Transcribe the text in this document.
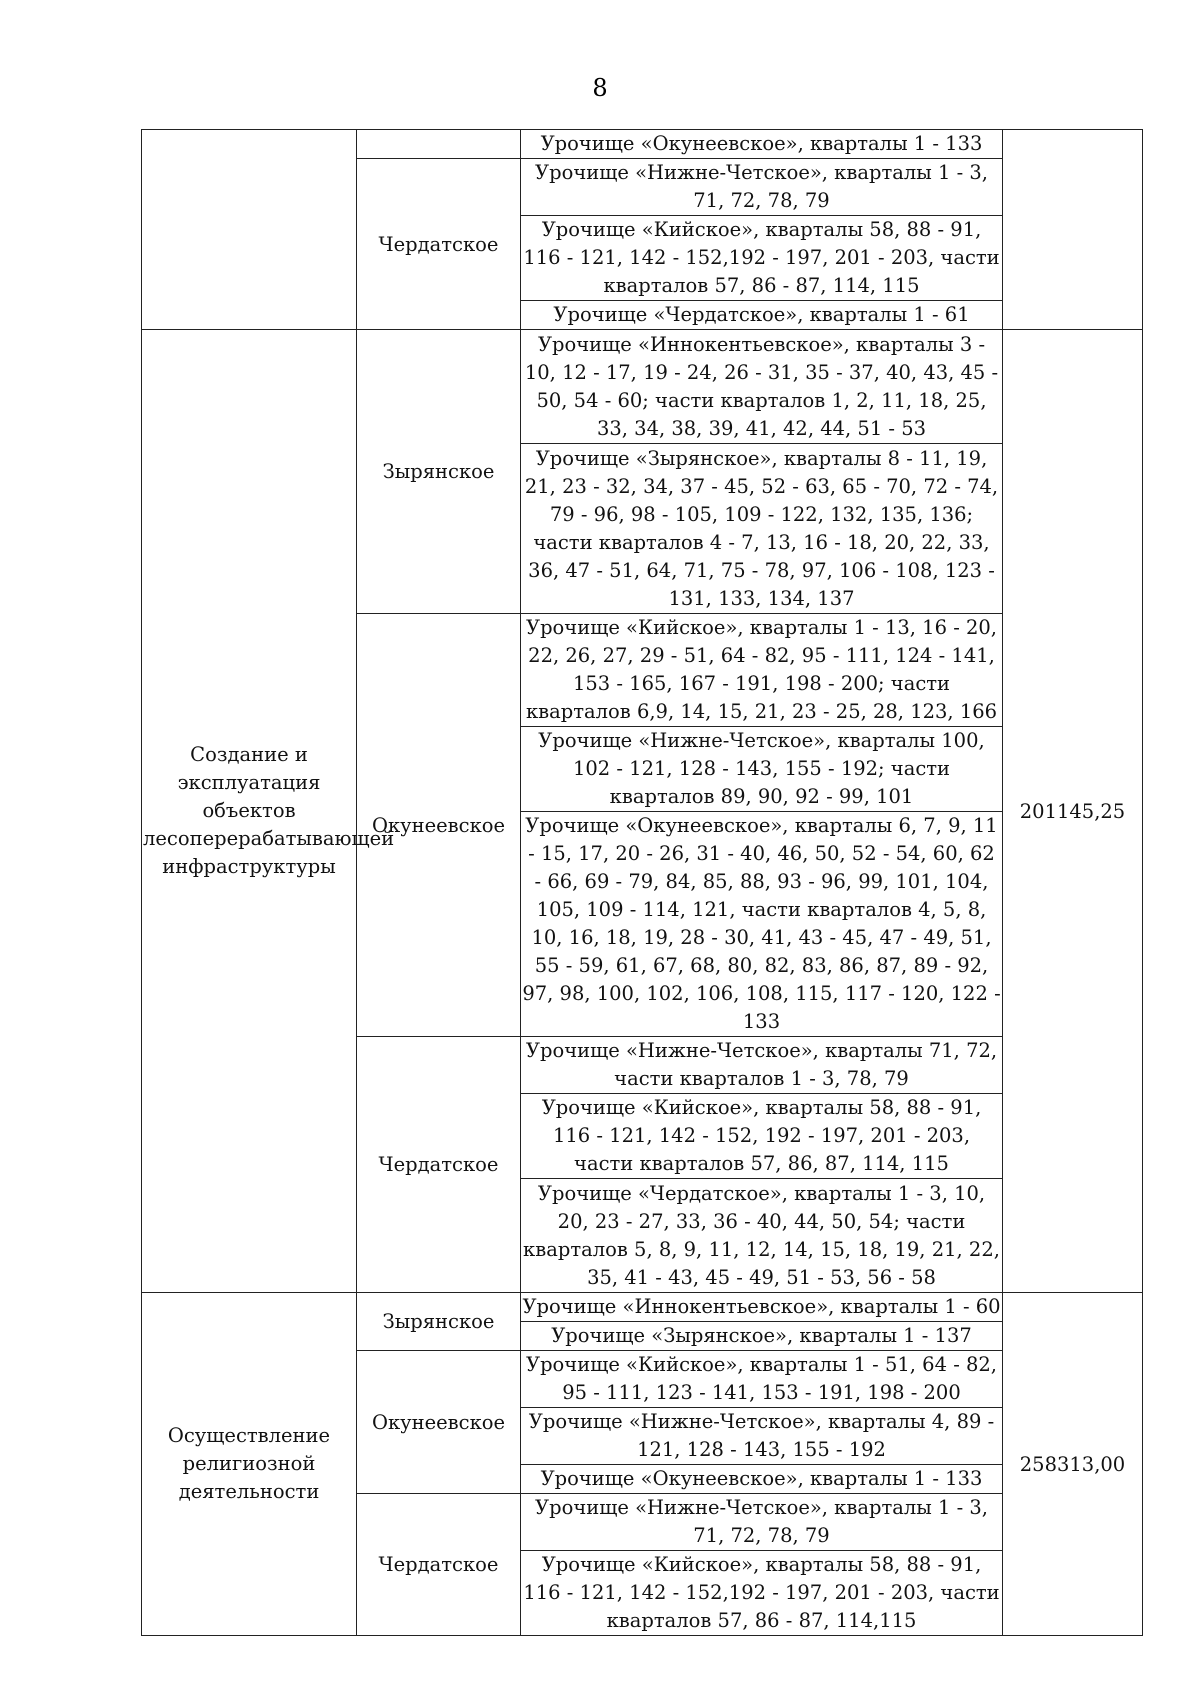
8
		Урочище «Окунеевское», кварталы 1 - 133	
	Чердатское	Урочище «Нижне-Четское», кварталы 1 - 3, 71, 72, 78, 79	
		Урочище «Кийское», кварталы 58, 88 - 91, 116 - 121, 142 - 152,192 - 197, 201 - 203, части кварталов 57, 86 - 87, 114, 115	
		Урочище «Чердатское», кварталы 1 - 61	

Создание и эксплуатация объектов лесоперерабатывающей инфраструктуры	Зырянское	Урочище «Иннокентьевское», кварталы 3 - 10, 12 - 17, 19 - 24, 26 - 31, 35 - 37, 40, 43, 45 - 50, 54 - 60; части кварталов 1, 2, 11, 18, 25, 33, 34, 38, 39, 41, 42, 44, 51 - 53	201145,25
		Урочище «Зырянское», кварталы 8 - 11, 19, 21, 23 - 32, 34, 37 - 45, 52 - 63, 65 - 70, 72 - 74, 79 - 96, 98 - 105, 109 - 122, 132, 135, 136; части кварталов 4 - 7, 13, 16 - 18, 20, 22, 33, 36, 47 - 51, 64, 71, 75 - 78, 97, 106 - 108, 123 - 131, 133, 134, 137	
	Окунеевское	Урочище «Кийское», кварталы 1 - 13, 16 - 20, 22, 26, 27, 29 - 51, 64 - 82, 95 - 111, 124 - 141, 153 - 165, 167 - 191, 198 - 200; части кварталов 6,9, 14, 15, 21, 23 - 25, 28, 123, 166	
		Урочище «Нижне-Четское», кварталы 100, 102 - 121, 128 - 143, 155 - 192; части кварталов 89, 90, 92 - 99, 101	
		Урочище «Окунеевское», кварталы 6, 7, 9, 11 - 15, 17, 20 - 26, 31 - 40, 46, 50, 52 - 54, 60, 62 - 66, 69 - 79, 84, 85, 88, 93 - 96, 99, 101, 104, 105, 109 - 114, 121, части кварталов 4, 5, 8, 10, 16, 18, 19, 28 - 30, 41, 43 - 45, 47 - 49, 51, 55 - 59, 61, 67, 68, 80, 82, 83, 86, 87, 89 - 92, 97, 98, 100, 102, 106, 108, 115, 117 - 120, 122 - 133	
	Чердатское	Урочище «Нижне-Четское», кварталы 71, 72, части кварталов 1 - 3, 78, 79	
		Урочище «Кийское», кварталы 58, 88 - 91, 116 - 121, 142 - 152, 192 - 197, 201 - 203, части кварталов 57, 86, 87, 114, 115	
		Урочище «Чердатское», кварталы 1 - 3, 10, 20, 23 - 27, 33, 36 - 40, 44, 50, 54; части кварталов 5, 8, 9, 11, 12, 14, 15, 18, 19, 21, 22, 35, 41 - 43, 45 - 49, 51 - 53, 56 - 58	
Осуществление религиозной деятельности	Зырянское	Урочище «Иннокентьевское», кварталы 1 - 60	258313,00
		Урочище «Зырянское», кварталы 1 - 137	
	Окунеевское	Урочище «Кийское», кварталы 1 - 51, 64 - 82, 95 - 111, 123 - 141, 153 - 191, 198 - 200	
		Урочище «Нижне-Четское», кварталы 4, 89 - 121, 128 - 143, 155 - 192	
		Урочище «Окунеевское», кварталы 1 - 133	
	Чердатское	Урочище «Нижне-Четское», кварталы 1 - 3, 71, 72, 78, 79	
		Урочище «Кийское», кварталы 58, 88 - 91, 116 - 121, 142 - 152,192 - 197, 201 - 203, части кварталов 57, 86 - 87, 114,115	
